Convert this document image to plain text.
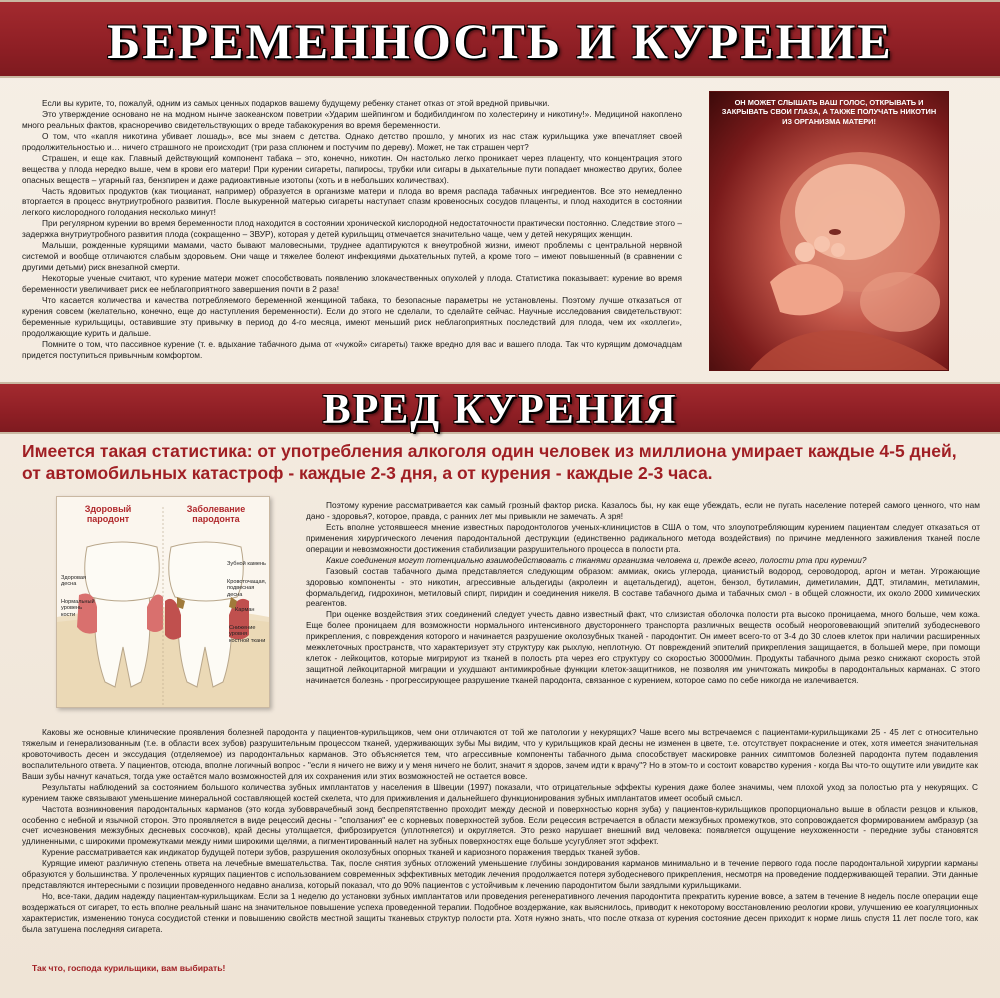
БЕРЕМЕННОСТЬ И КУРЕНИЕ

Если вы курите, то, пожалуй, одним из самых ценных подарков вашему будущему ребенку станет отказ от этой вредной привычки.

Это утверждение основано не на модном нынче заокеанском поветрии «Ударим шейпингом и бодибилдингом по холестерину и никотину!». Медициной накоплено много реальных фактов, красноречиво свидетельствующих о вреде табакокурения во время беременности.

О том, что «капля никотина убивает лошадь», все мы знаем с детства. Однако детство прошло, у многих из нас стаж курильщика уже впечатляет своей продолжительностью и… ничего страшного не происходит (три раза сплюнем и постучим по дереву). Может, не так страшен черт?

Страшен, и еще как. Главный действующий компонент табака – это, конечно, никотин. Он настолько легко проникает через плаценту, что концентрация этого вещества у плода нередко выше, чем в крови его матери! При курении сигареты, папиросы, трубки или сигары в дыхательные пути попадает множество других, более опасных веществ – угарный газ, бензпирен и даже радиоактивные изотопы (хоть и в небольших количествах).

Часть ядовитых продуктов (как тиоцианат, например) образуется в организме матери и плода во время распада табачных ингредиентов. Все это немедленно вторгается в процесс внутриутробного развития. После выкуренной матерью сигареты наступает спазм кровеносных сосудов плаценты, и плод находится в состоянии легкого кислородного голодания несколько минут!

При регулярном курении во время беременности плод находится в состоянии хронической кислородной недостаточности практически постоянно. Следствие этого – задержка внутриутробного развития плода (сокращенно – ЗВУР), которая у детей курильщиц отмечается значительно чаще, чем у детей некурящих женщин.

Малыши, рожденные курящими мамами, часто бывают маловесными, труднее адаптируются к внеутробной жизни, имеют проблемы с центральной нервной системой и вообще отличаются слабым здоровьем. Они чаще и тяжелее болеют инфекциями дыхательных путей, а кроме того – имеют повышенный (в сравнении с другими детьми) риск внезапной смерти.

Некоторые ученые считают, что курение матери может способствовать появлению злокачественных опухолей у плода. Статистика показывает: курение во время беременности увеличивает риск ее неблагоприятного завершения почти в 2 раза!

Что касается количества и качества потребляемого беременной женщиной табака, то безопасные параметры не установлены. Поэтому лучше отказаться от курения совсем (желательно, конечно, еще до наступления беременности). Если до этого не сделали, то сделайте сейчас. Научные исследования свидетельствуют: беременные курильщицы, оставившие эту привычку в период до 4-го месяца, имеют меньший риск неблагоприятных последствий для плода, чем их «коллеги», продолжающие курить и дальше.

Помните о том, что пассивное курение (т. е. вдыхание табачного дыма от «чужой» сигареты) также вредно для вас и вашего плода. Так что курящим домочадцам придется поступиться привычным комфортом.

ОН МОЖЕТ СЛЫШАТЬ ВАШ ГОЛОС, ОТКРЫВАТЬ И ЗАКРЫВАТЬ СВОИ ГЛАЗА, А ТАКЖЕ ПОЛУЧАТЬ НИКОТИН ИЗ ОРГАНИЗМА МАТЕРИ!
ВРЕД КУРЕНИЯ
Имеется такая статистика: от употребления алкоголя один человек из миллиона умирает каждые 4-5 дней, от автомобильных катастроф - каждые 2-3 дня, а от курения - каждые 2-3 часа.
Здоровый пародонт
Заболевание пародонта
Здоровая десна
Нормальный уровень кости
Зубной камень
Кровоточащая, подвесная десна
Карман
Снижение уровня костной ткани

Поэтому курение рассматривается как самый грозный фактор риска. Казалось бы, ну как еще убеждать, если не пугать население потерей самого ценного, что нам дано - здоровья?, которое, правда, с ранних лет мы привыкли не замечать. А зря!

Есть вполне устоявшееся мнение известных пародонтологов ученых-клиницистов в США о том, что злоупотребляющим курением пациентам следует отказаться от применения хирургического лечения пародонтальной деструкции (единственно радикального метода воздействия) по причине медленного заживления тканей после операции и невозможности достижения стабилизации разрушительного процесса в полости рта.

Какие соединения могут потенциально взаимодействовать с тканями организма человека и, прежде всего, полости рта при курении?

Газовый состав табачного дыма представляется следующим образом: аммиак, окись углерода, цианистый водород, сероводород, аргон и метан. Угрожающие здоровью компоненты - это никотин, агрессивные альдегиды (акролеин и ацетальдегид), ацетон, бензол, бутиламин, диметиламин, ДДТ, этиламин, метиламин, формальдегид, гидрохинон, метиловый спирт, пиридин и соединения никеля. В составе табачного дыма и табачных смол - в общей сложности, их около 2000 химических реагентов.

При оценке воздействия этих соединений следует учесть давно известный факт, что слизистая оболочка полости рта высоко проницаема, много больше, чем кожа. Еще более проницаем для возможности нормального интенсивного двустороннего транспорта различных веществ особый неороговевающий эпителий зубодесневого прикрепления, с повреждения которого и начинается разрушение околозубных тканей - пародонтит. Он имеет всего-то от 3-4 до 30 слоев клеток при наличии расширенных межклеточных пространств, что характеризует эту структуру как рыхлую, неплотную. От повреждений эпителий прикрепления защищается, в большей мере, при помощи клеток - лейкоцитов, которые мигрируют из тканей в полость рта через его структуру со скоростью 30000/мин. Продукты табачного дыма резко снижают скорость этой защитной лейкоцитарной миграции и ухудшают антимикробные функции клеток-защитников, не позволяя им уничтожать микробы в пародонтальных карманах. С этого начинается болезнь - прогрессирующее разрушение тканей пародонта, связанное с курением, которое само по себе никогда не излечивается.

Каковы же основные клинические проявления болезней пародонта у пациентов-курильщиков, чем они отличаются от той же патологии у некурящих? Чаше всего мы встречаемся с пациентами-курильщиками 25 - 45 лет с относительно тяжелым и генерализованным (т.е. в области всех зубов) разрушительным процессом тканей, удерживающих зубы Мы видим, что у курильщиков край десны не изменен в цвете, т.е. отсутствует покраснение и отек, хотя имеется значительная кровоточивость десен и экссудация (отделяемое) из пародонтальных карманов. Это объясняется тем, что агрессивные компоненты табачного дыма способствует маскировке ранних симптомов болезней пародонта путем подавления воспалительного ответа. У пациентов, отсюда, вполне логичный вопрос - "если я ничего не вижу и у меня ничего не болит, значит я здоров, зачем идти к врачу"? Но в этом-то и состоит коварство курения - когда Вы что-то ощутите или увидите как Ваши зубы начнут качаться, тогда уже остаётся мало возможностей для их сохранения или этих возможностей не остается вовсе.

Результаты наблюдений за состоянием большого количества зубных имплантатов у населения в Швеции (1997) показали, что отрицательные эффекты курения даже более значимы, чем плохой уход за полостью рта у некурящих. С курением также связывают уменьшение минеральной составляющей костей скелета, что для приживления и дальнейшего функционирования зубных имплантатов имеет особый смысл.

Частота возникновения пародонтальных карманов (это когда зубовврачебный зонд беспрепятственно проходит между десной и поверхностью корня зуба) у пациентов-курильщиков пропорционально выше в области резцов и клыков, особенно с небной и язычной сторон. Это проявляется в виде рецессий десны - "сползания" ее с корневых поверхностей зубов. Если рецессия встречается в области межзубных промежутков, это сопровождается формированием амбразур (за счет исчезновения межзубных десневых сосочков), край десны утолщается, фиброзируется (уплотняется) и округляется. Это резко нарушает внешний вид человека: появляется ощущение неухоженности - передние зубы становятся удлиненными, с широкими промежутками между ними широкими щелями, а пигментированный налет на зубных поверхностях еще больше усугубляет этот эффект.

Курение рассматривается как индикатор будущей потери зубов, разрушения околозубных опорных тканей и кариозного поражения твердых тканей зубов.

Курящие имеют различную степень ответа на лечебные вмешательства. Так, после снятия зубных отложений уменьшение глубины зондирования карманов минимально и в течение первого года после пародонтальной хирургии карманы образуются у большинства. У пролеченных курящих пациентов с использованием современных эффективных методик лечения продолжается потеря зубодесневого прикрепления, несмотря на проведение поддерживающей терапии. Эти данные представляются интересными с позиции проведенного недавно анализа, который показал, что до 90% пациентов с устойчивым к лечению пародонтитом были заядлыми курильщиками.

Но, все-таки, дадим надежду пациентам-курильщикам. Если за 1 неделю до установки зубных имплантатов или проведения регенеративного лечения пародонтита прекратить курение вовсе, а затем в течение 8 недель после операции еще воздержаться от сигарет, то есть вполне реальный шанс на значительное повышение успеха проведенной терапии. Подобное воздержание, как выяснилось, приводит к некоторому восстановлению реологии крови, улучшению ее коагуляционных характеристик, изменению тонуса сосудистой стенки и повышению свойств местной защиты тканевых структур полости рта. Хотя нужно знать, что после отказа от курения состояние десен приходит к норме лишь спустя 11 лет после того, как была затушена последняя сигарета.

Так что, господа курильщики, вам выбирать!
